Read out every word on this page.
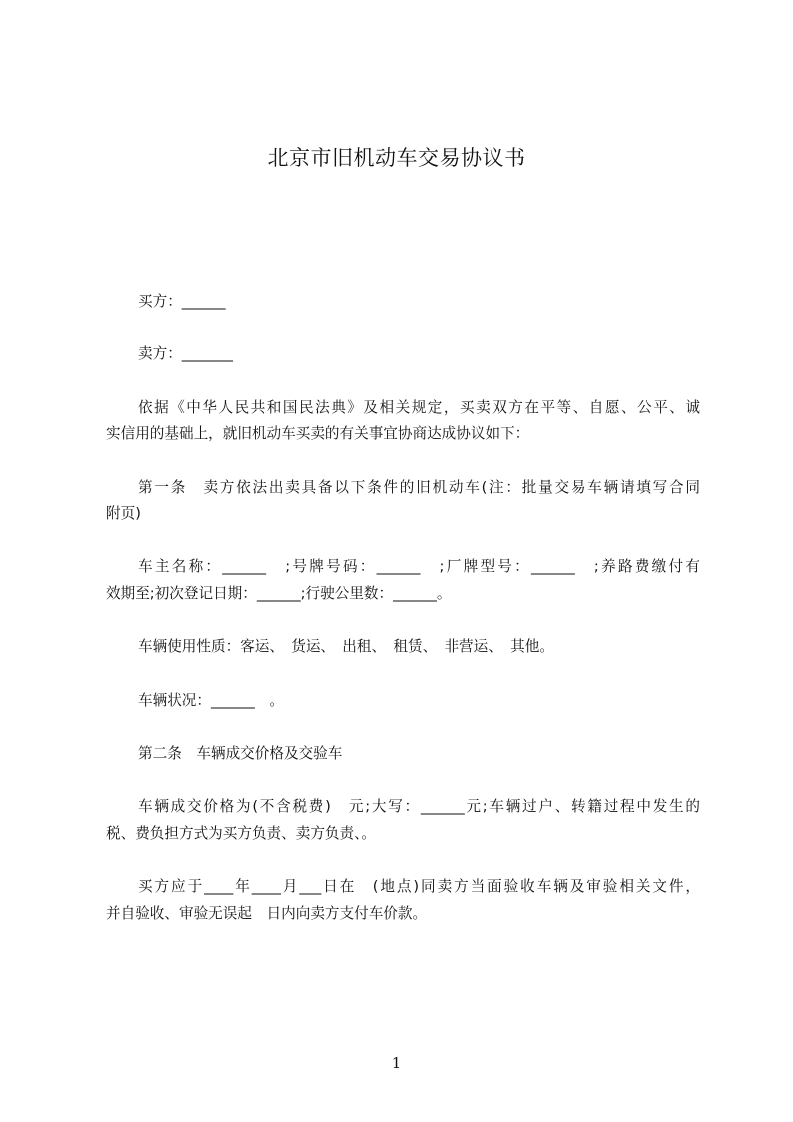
北京市旧机动车交易协议书
买方：______
卖方：_______
依据《中华人民共和国民法典》及相关规定，买卖双方在平等、自愿、公平、诚
实信用的基础上，就旧机动车买卖的有关事宜协商达成协议如下：
第一条　卖方依法出卖具备以下条件的旧机动车(注：批量交易车辆请填写合同
附页)
车主名称：______　;号牌号码：______　;厂牌型号：______　;养路费缴付有
效期至;初次登记日期：______;行驶公里数：______。
车辆使用性质：客运、　货运、　出租、　租赁、　非营运、　其他。
车辆状况：______　。
第二条　车辆成交价格及交验车
车辆成交价格为(不含税费)　元;大写：______元;车辆过户、转籍过程中发生的
税、费负担方式为买方负责、卖方负责、。
买方应于____年____月___日在　(地点)同卖方当面验收车辆及审验相关文件，
并自验收、审验无误起　日内向卖方支付车价款。
1
